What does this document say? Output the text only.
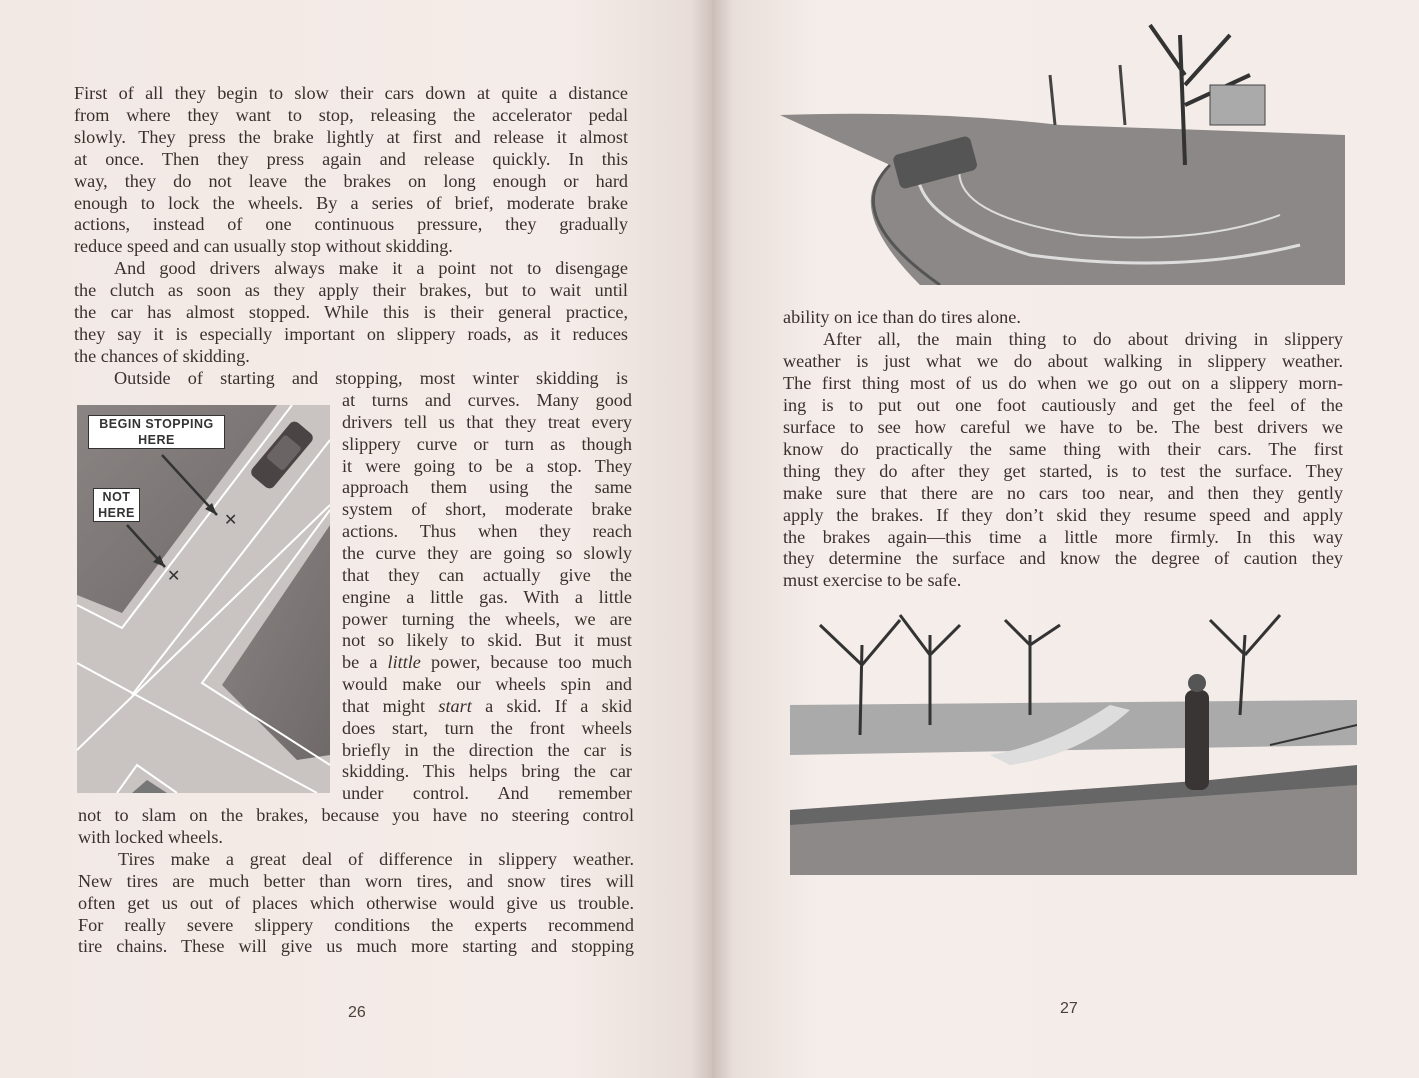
✕
✕
BEGIN STOPPING HERE
NOT HERE
First of all they begin to slow their cars down at quite a distance
from where they want to stop, releasing the accelerator pedal
slowly. They press the brake lightly at first and release it almost
at once. Then they press again and release quickly. In this
way, they do not leave the brakes on long enough or hard
enough to lock the wheels. By a series of brief, moderate brake
actions, instead of one continuous pressure, they gradually
reduce speed and can usually stop without skidding.
And good drivers always make it a point not to disengage
the clutch as soon as they apply their brakes, but to wait until
the car has almost stopped. While this is their general practice,
they say it is especially important on slippery roads, as it reduces
the chances of skidding.
Outside of starting and stopping, most winter skidding is
at turns and curves. Many good
drivers tell us that they treat every
slippery curve or turn as though
it were going to be a stop. They
approach them using the same
system of short, moderate brake
actions. Thus when they reach
the curve they are going so slowly
that they can actually give the
engine a little gas. With a little
power turning the wheels, we are
not so likely to skid. But it must
be a little power, because too much
would make our wheels spin and
that might start a skid. If a skid
does start, turn the front wheels
briefly in the direction the car is
skidding. This helps bring the car
under control. And remember
not to slam on the brakes, because you have no steering control
with locked wheels.
Tires make a great deal of difference in slippery weather.
New tires are much better than worn tires, and snow tires will
often get us out of places which otherwise would give us trouble.
For really severe slippery conditions the experts recommend
tire chains. These will give us much more starting and stopping
26
ability on ice than do tires alone.
After all, the main thing to do about driving in slippery
weather is just what we do about walking in slippery weather.
The first thing most of us do when we go out on a slippery morn-
ing is to put out one foot cautiously and get the feel of the
surface to see how careful we have to be. The best drivers we
know do practically the same thing with their cars. The first
thing they do after they get started, is to test the surface. They
make sure that there are no cars too near, and then they gently
apply the brakes. If they don’t skid they resume speed and apply
the brakes again—this time a little more firmly. In this way
they determine the surface and know the degree of caution they
must exercise to be safe.
27
